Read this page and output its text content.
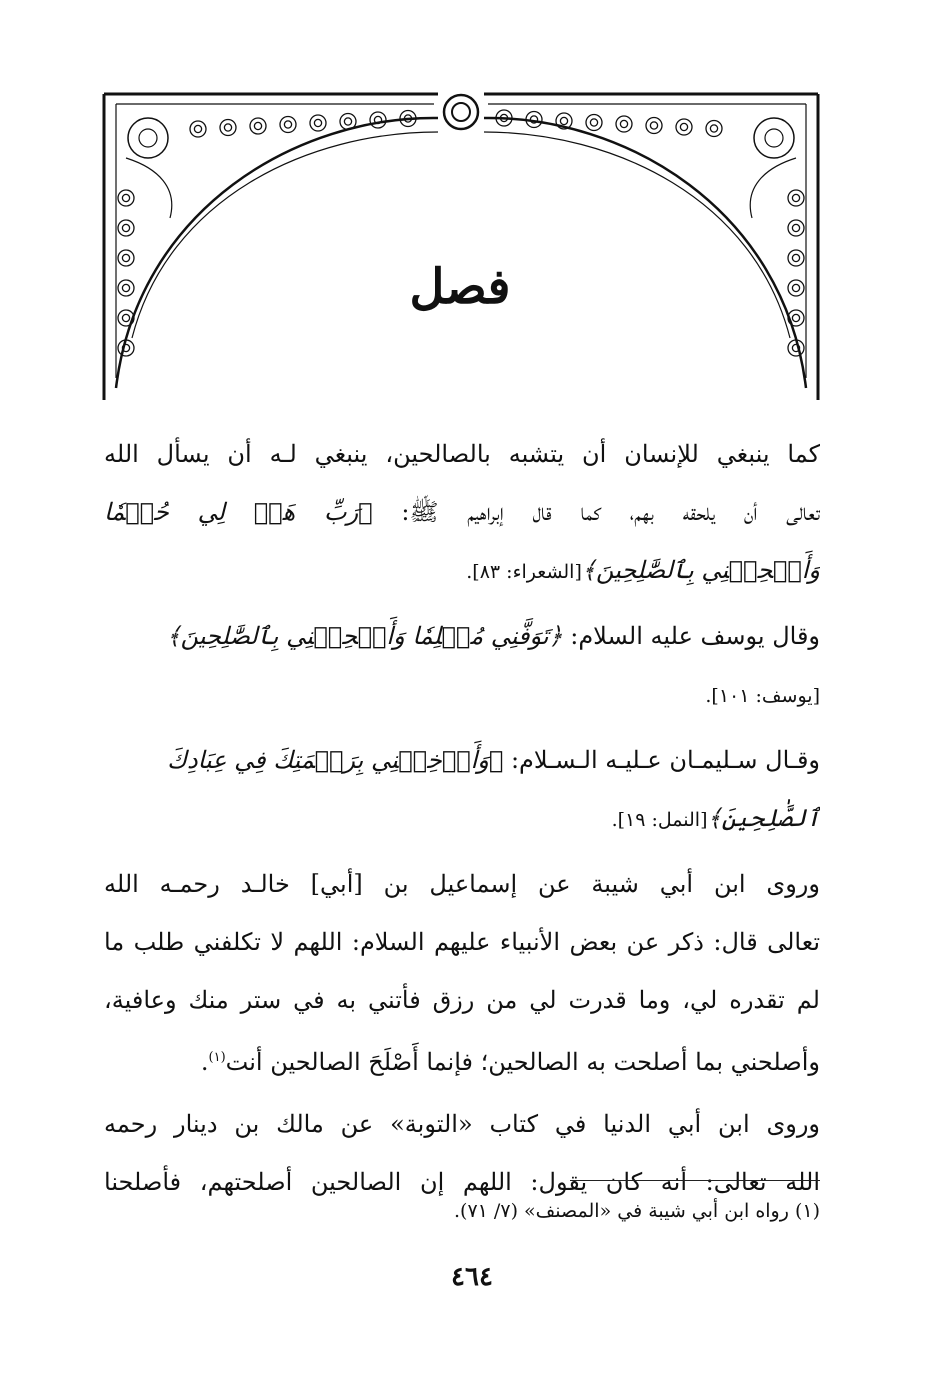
فصل
كما ينبغي للإنسان أن يتشبه بالصالحين، ينبغي لـه أن يسأل الله
تعالى أن يلحقه بهم، كما قال إبراهيم ﷺ: ﴿رَبِّ هَبۡ لِي حُكۡمٗا
وَأَلۡحِقۡنِي بِٱلصَّٰلِحِينَ﴾[الشعراء: ٨٣].
وقال يوسف عليه السلام: ﴿تَوَفَّنِي مُسۡلِمٗا وَأَلۡحِقۡنِي بِٱلصَّٰلِحِينَ﴾
[يوسف: ١٠١].
وقـال سـليمـان عـليـه الـسـلام: ﴿وَأَدۡخِلۡنِي بِرَحۡمَتِكَ فِي عِبَادِكَ
ٱلصَّٰلِحِينَ﴾[النمل: ١٩].
وروى ابن أبي شيبة عن إسماعيل بن [أبي] خالـد رحمـه الله
تعالى قال: ذكر عن بعض الأنبياء عليهم السلام: اللهم لا تكلفني طلب ما
لم تقدره لي، وما قدرت لي من رزق فأتني به في ستر منك وعافية،
وأصلحني بما أصلحت به الصالحين؛ فإنما أَصْلَحَ الصالحين أنت$^{(١)}$.
وروى ابن أبي الدنيا في كتاب «التوبة» عن مالك بن دينار رحمه
الله تعالى: أنه كان يقول: اللهم إن الصالحين أصلحتهم، فأصلحنا
(١) رواه ابن أبي شيبة في «المصنف» (٧/ ٧١).
٤٦٤
